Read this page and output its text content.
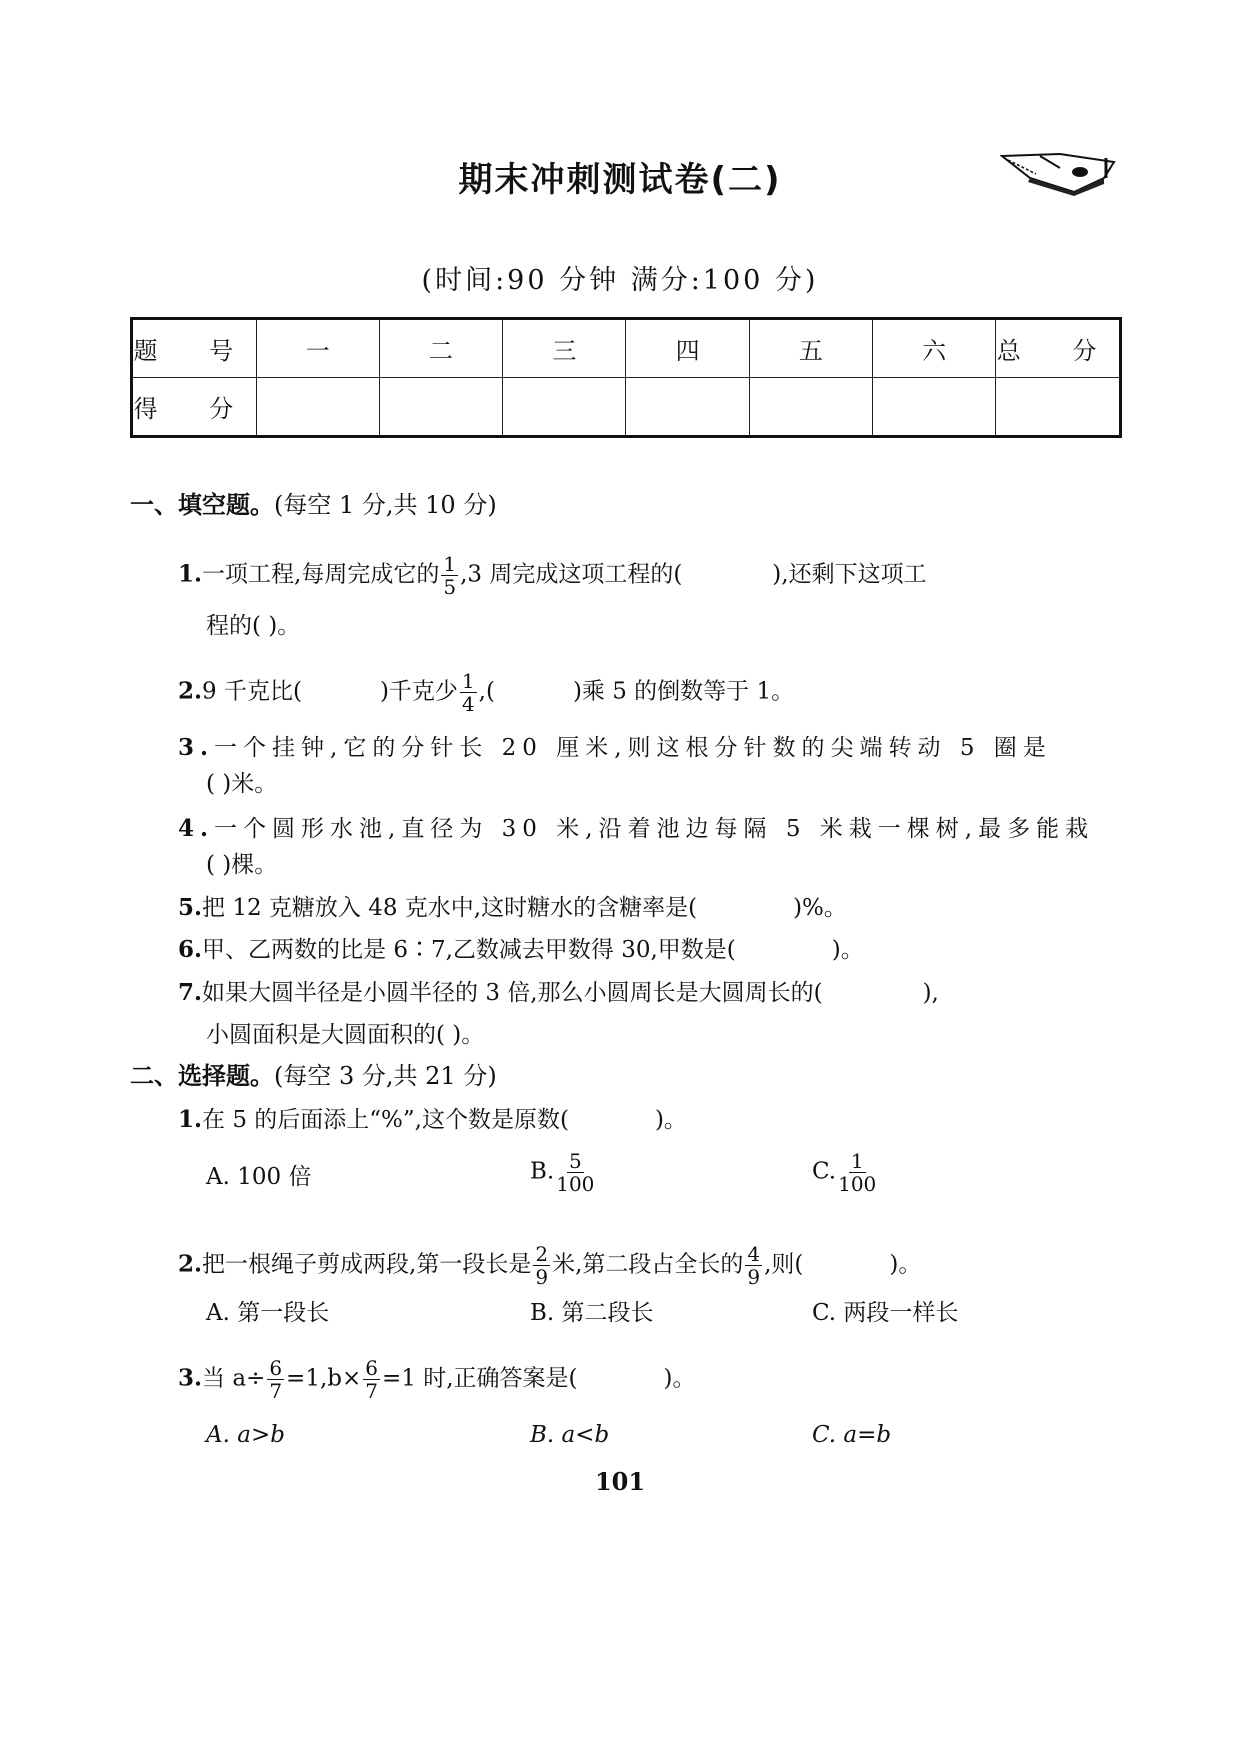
期末冲刺测试卷(二)
(时间:90 分钟 满分:100 分)
题 号	一	二	三	四	五	六	总 分
得 分							
一、填空题。(每空 1 分,共 10 分)
1.一项工程,每周完成它的 $\frac{1}{5} ,3$ 周完成这项工程的(	),还剩下这项工
程的( )。
2.9 千克比(	)千克少 $\frac{1}{4}$ ,(	)乘 5 的倒数等于 1。
3.一个挂钟,它的分针长 20 厘米,则这根分针数的尖端转动 5 圈是
( )米。
4.一个圆形水池,直径为 30 米,沿着池边每隔 5 米栽一棵树,最多能栽
( )棵。
5.把 12 克糖放入 48 克水中,这时糖水的含糖率是(	)%。
6.甲、乙两数的比是 6∶7,乙数减去甲数得 30,甲数是(	)。
7.如果大圆半径是小圆半径的 3 倍,那么小圆周长是大圆周长的(	),
小圆面积是大圆面积的( )。
二、选择题。(每空 3 分,共 21 分)
1.在 5 的后面添上“%”,这个数是原数(	)。
A. 100 倍	B. $\frac{5}{100}$	C. $\frac{1}{100}$
2.把一根绳子剪成两段,第一段长是 $\frac{2}{9}$ 米,第二段占全长的 $\frac{4}{9}$ ,则(	)。
A. 第一段长	B. 第二段长	C. 两段一样长
3.当 $a\div \frac{6}{7} =1,b\times \frac{6}{7} =1$ 时,正确答案是(	)。
A. a>b	B. a<b	C. a=b
101
